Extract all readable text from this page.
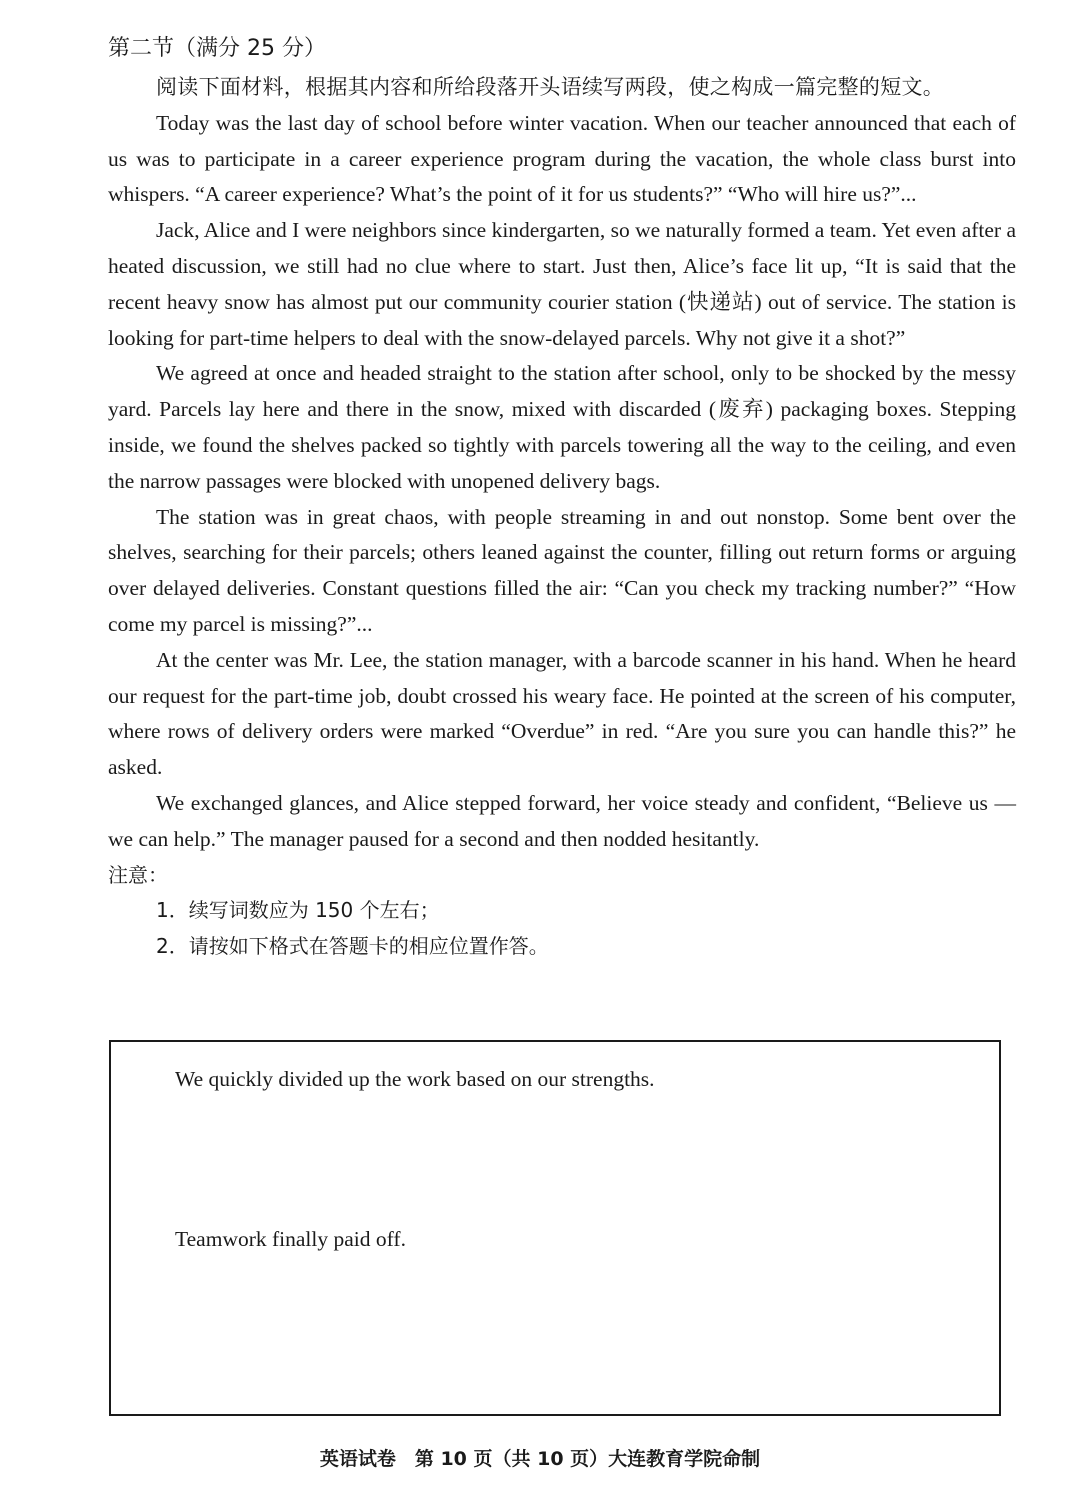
第二节（满分 25 分）

阅读下面材料，根据其内容和所给段落开头语续写两段，使之构成一篇完整的短文。

Today was the last day of school before winter vacation. When our teacher announced that each of us was to participate in a career experience program during the vacation, the whole class burst into whispers. “A career experience? What’s the point of it for us students?” “Who will hire us?”...

Jack, Alice and I were neighbors since kindergarten, so we naturally formed a team. Yet even after a heated discussion, we still had no clue where to start. Just then, Alice’s face lit up, “It is said that the recent heavy snow has almost put our community courier station (快递站) out of service. The station is looking for part-time helpers to deal with the snow-delayed parcels. Why not give it a shot?”

We agreed at once and headed straight to the station after school, only to be shocked by the messy yard. Parcels lay here and there in the snow, mixed with discarded (废弃) packaging boxes. Stepping inside, we found the shelves packed so tightly with parcels towering all the way to the ceiling, and even the narrow passages were blocked with unopened delivery bags.

The station was in great chaos, with people streaming in and out nonstop. Some bent over the shelves, searching for their parcels; others leaned against the counter, filling out return forms or arguing over delayed deliveries. Constant questions filled the air: “Can you check my tracking number?” “How come my parcel is missing?”...

At the center was Mr. Lee, the station manager, with a barcode scanner in his hand. When he heard our request for the part-time job, doubt crossed his weary face. He pointed at the screen of his computer, where rows of delivery orders were marked “Overdue” in red. “Are you sure you can handle this?” he asked.

We exchanged glances, and Alice stepped forward, her voice steady and confident, “Believe us — we can help.” The manager paused for a second and then nodded hesitantly.

注意：

1．续写词数应为 150 个左右；

2．请按如下格式在答题卡的相应位置作答。

We quickly divided up the work based on our strengths.
Teamwork finally paid off.
英语试卷　第 10 页（共 10 页）大连教育学院命制
